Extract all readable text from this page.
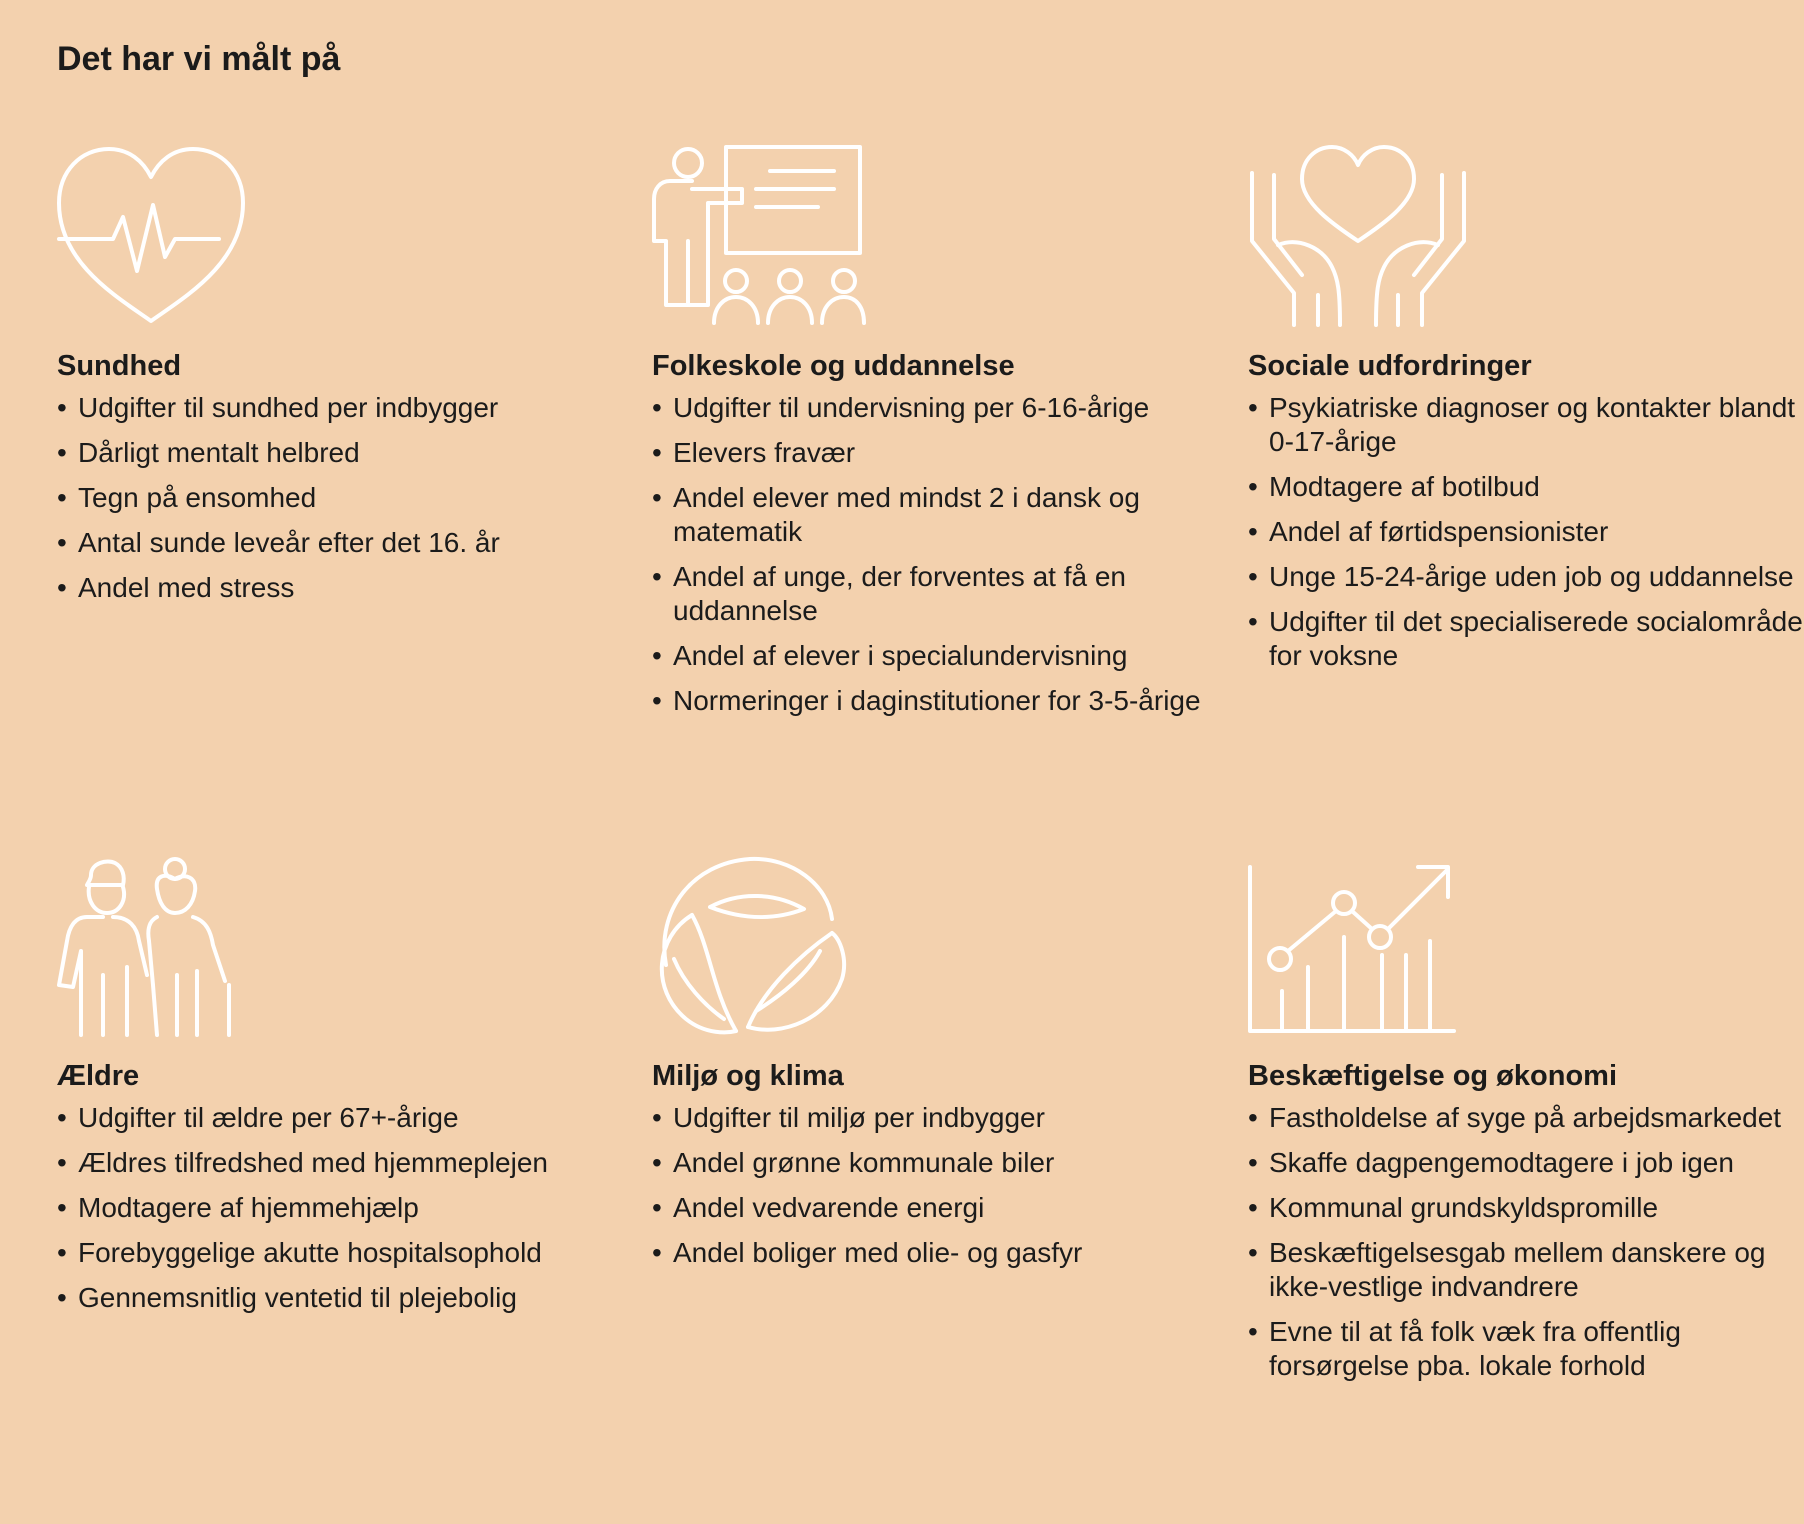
Det har vi målt på
Sundhed
• Udgifter til sundhed per indbygger
• Dårligt mentalt helbred
• Tegn på ensomhed
• Antal sunde leveår efter det 16. år
• Andel med stress
Folkeskole og uddannelse
• Udgifter til undervisning per 6-16-årige
• Elevers fravær
• Andel elever med mindst 2 i dansk og matematik
• Andel af unge, der forventes at få en uddannelse
• Andel af elever i specialundervisning
• Normeringer i daginstitutioner for 3-5-årige
Sociale udfordringer
• Psykiatriske diagnoser og kontakter blandt 0-17-årige
• Modtagere af botilbud
• Andel af førtidspensionister
• Unge 15-24-årige uden job og uddannelse
• Udgifter til det specialiserede socialområde for voksne
Ældre
• Udgifter til ældre per 67+-årige
• Ældres tilfredshed med hjemmeplejen
• Modtagere af hjemmehjælp
• Forebyggelige akutte hospitalsophold
• Gennemsnitlig ventetid til plejebolig
Miljø og klima
• Udgifter til miljø per indbygger
• Andel grønne kommunale biler
• Andel vedvarende energi
• Andel boliger med olie- og gasfyr
Beskæftigelse og økonomi
• Fastholdelse af syge på arbejdsmarkedet
• Skaffe dagpengemodtagere i job igen
• Kommunal grundskyldspromille
• Beskæftigelsesgab mellem danskere og ikke-vestlige indvandrere
• Evne til at få folk væk fra offentlig forsørgelse pba. lokale forhold
